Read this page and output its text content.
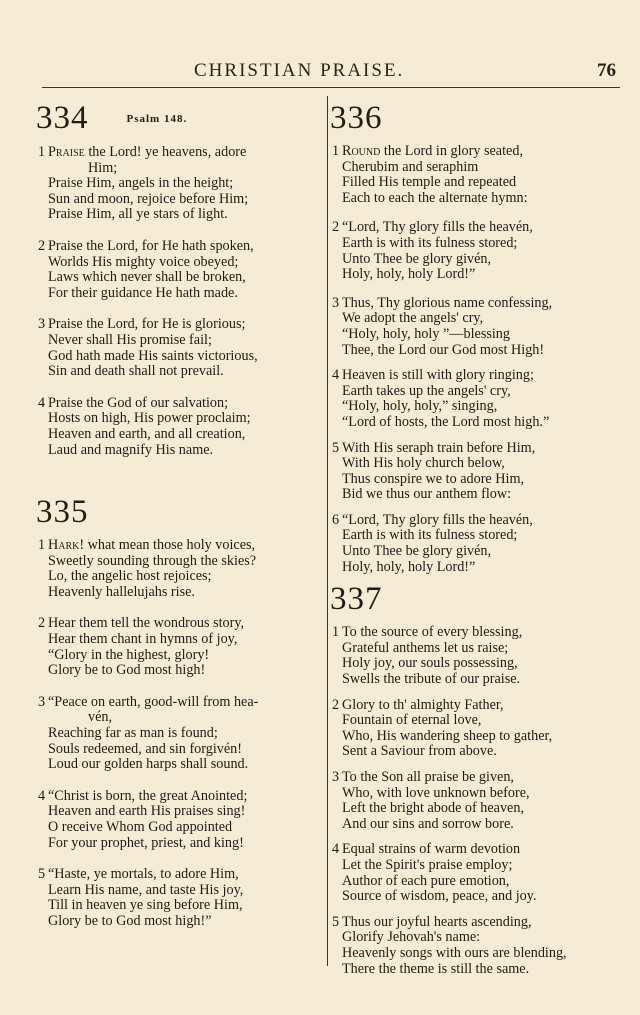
CHRISTIAN PRAISE.	76
334	Psalm 148.
1 Praise the Lord! ye heavens, adore
Him;
Praise Him, angels in the height;
Sun and moon, rejoice before Him;
Praise Him, all ye stars of light.
2 Praise the Lord, for He hath spoken,
Worlds His mighty voice obeyed;
Laws which never shall be broken,
For their guidance He hath made.
3 Praise the Lord, for He is glorious;
Never shall His promise fail;
God hath made His saints victorious,
Sin and death shall not prevail.
4 Praise the God of our salvation;
Hosts on high, His power proclaim;
Heaven and earth, and all creation,
Laud and magnify His name.
335
1 Hark! what mean those holy voices,
Sweetly sounding through the skies?
Lo, the angelic host rejoices;
Heavenly hallelujahs rise.
2 Hear them tell the wondrous story,
Hear them chant in hymns of joy,
“Glory in the highest, glory!
Glory be to God most high!
3 “Peace on earth, good-will from hea-
vén,
Reaching far as man is found;
Souls redeemed, and sin forgivén!
Loud our golden harps shall sound.
4 “Christ is born, the great Anointed;
Heaven and earth His praises sing!
O receive Whom God appointed
For your prophet, priest, and king!
5 “Haste, ye mortals, to adore Him,
Learn His name, and taste His joy,
Till in heaven ye sing before Him,
Glory be to God most high!”
336
1 Round the Lord in glory seated,
Cherubim and seraphim
Filled His temple and repeated
Each to each the alternate hymn:
2 “Lord, Thy glory fills the heavén,
Earth is with its fulness stored;
Unto Thee be glory givén,
Holy, holy, holy Lord!”
3 Thus, Thy glorious name confessing,
We adopt the angels' cry,
“Holy, holy, holy ”—blessing
Thee, the Lord our God most High!
4 Heaven is still with glory ringing;
Earth takes up the angels' cry,
“Holy, holy, holy,” singing,
“Lord of hosts, the Lord most high.”
5 With His seraph train before Him,
With His holy church below,
Thus conspire we to adore Him,
Bid we thus our anthem flow:
6 “Lord, Thy glory fills the heavén,
Earth is with its fulness stored;
Unto Thee be glory givén,
Holy, holy, holy Lord!”
337
1 To the source of every blessing,
Grateful anthems let us raise;
Holy joy, our souls possessing,
Swells the tribute of our praise.
2 Glory to th' almighty Father,
Fountain of eternal love,
Who, His wandering sheep to gather,
Sent a Saviour from above.
3 To the Son all praise be given,
Who, with love unknown before,
Left the bright abode of heaven,
And our sins and sorrow bore.
4 Equal strains of warm devotion
Let the Spirit's praise employ;
Author of each pure emotion,
Source of wisdom, peace, and joy.
5 Thus our joyful hearts ascending,
Glorify Jehovah's name:
Heavenly songs with ours are blending,
There the theme is still the same.
